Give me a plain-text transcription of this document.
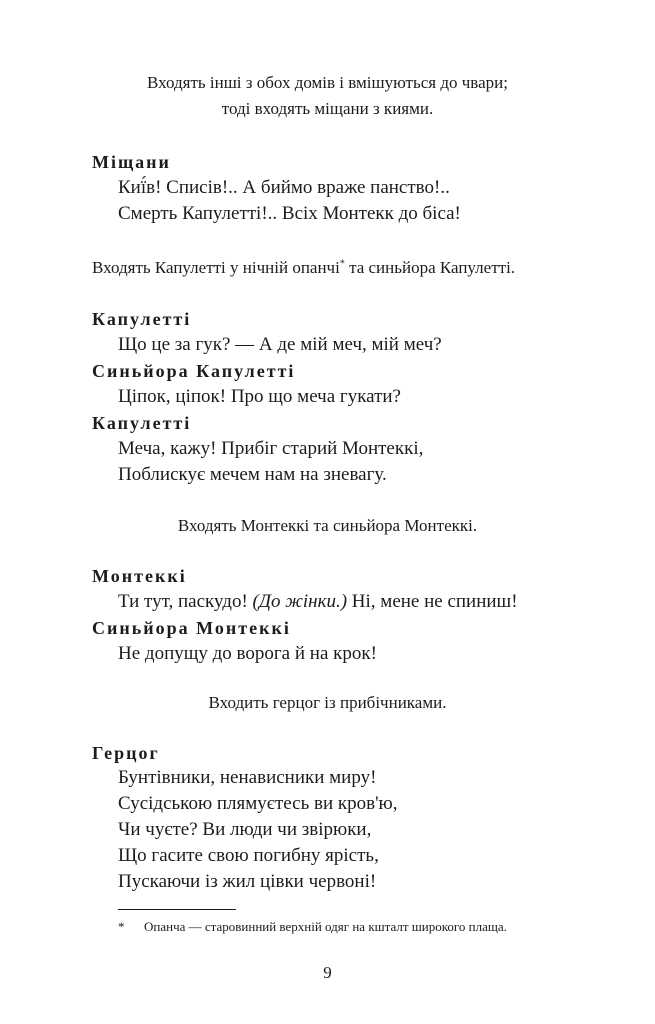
Входять інші з обох домів і вмішуються до чвари;
тоді входять міщани з киями.
Міщани
Киї́в! Списів!.. А биймо враже панство!..
Смерть Капулетті!.. Всіх Монтекк до біса!
Входять Капулетті у нічній опанчі* та синьйора Капулетті.
Капулетті
Що це за гук? — А де мій меч, мій меч?
Синьйора Капулетті
Ціпок, ціпок! Про що меча гукати?
Капулетті
Меча, кажу! Прибіг старий Монтеккі,
Поблискує мечем нам на зневагу.
Входять Монтеккі та синьйора Монтеккі.
Монтеккі
Ти тут, паскудо! (До жінки.) Ні, мене не спиниш!
Синьйора Монтеккі
Не допущу до ворога й на крок!
Входить герцог із прибічниками.
Герцог
Бунтівники, ненависники миру!
Сусідською плямуєтесь ви кров'ю,
Чи чуєте? Ви люди чи звірюки,
Що гасите свою погибну ярість,
Пускаючи із жил цівки червоні!
* Опанча — старовинний верхній одяг на кшталт широкого плаща.
9
